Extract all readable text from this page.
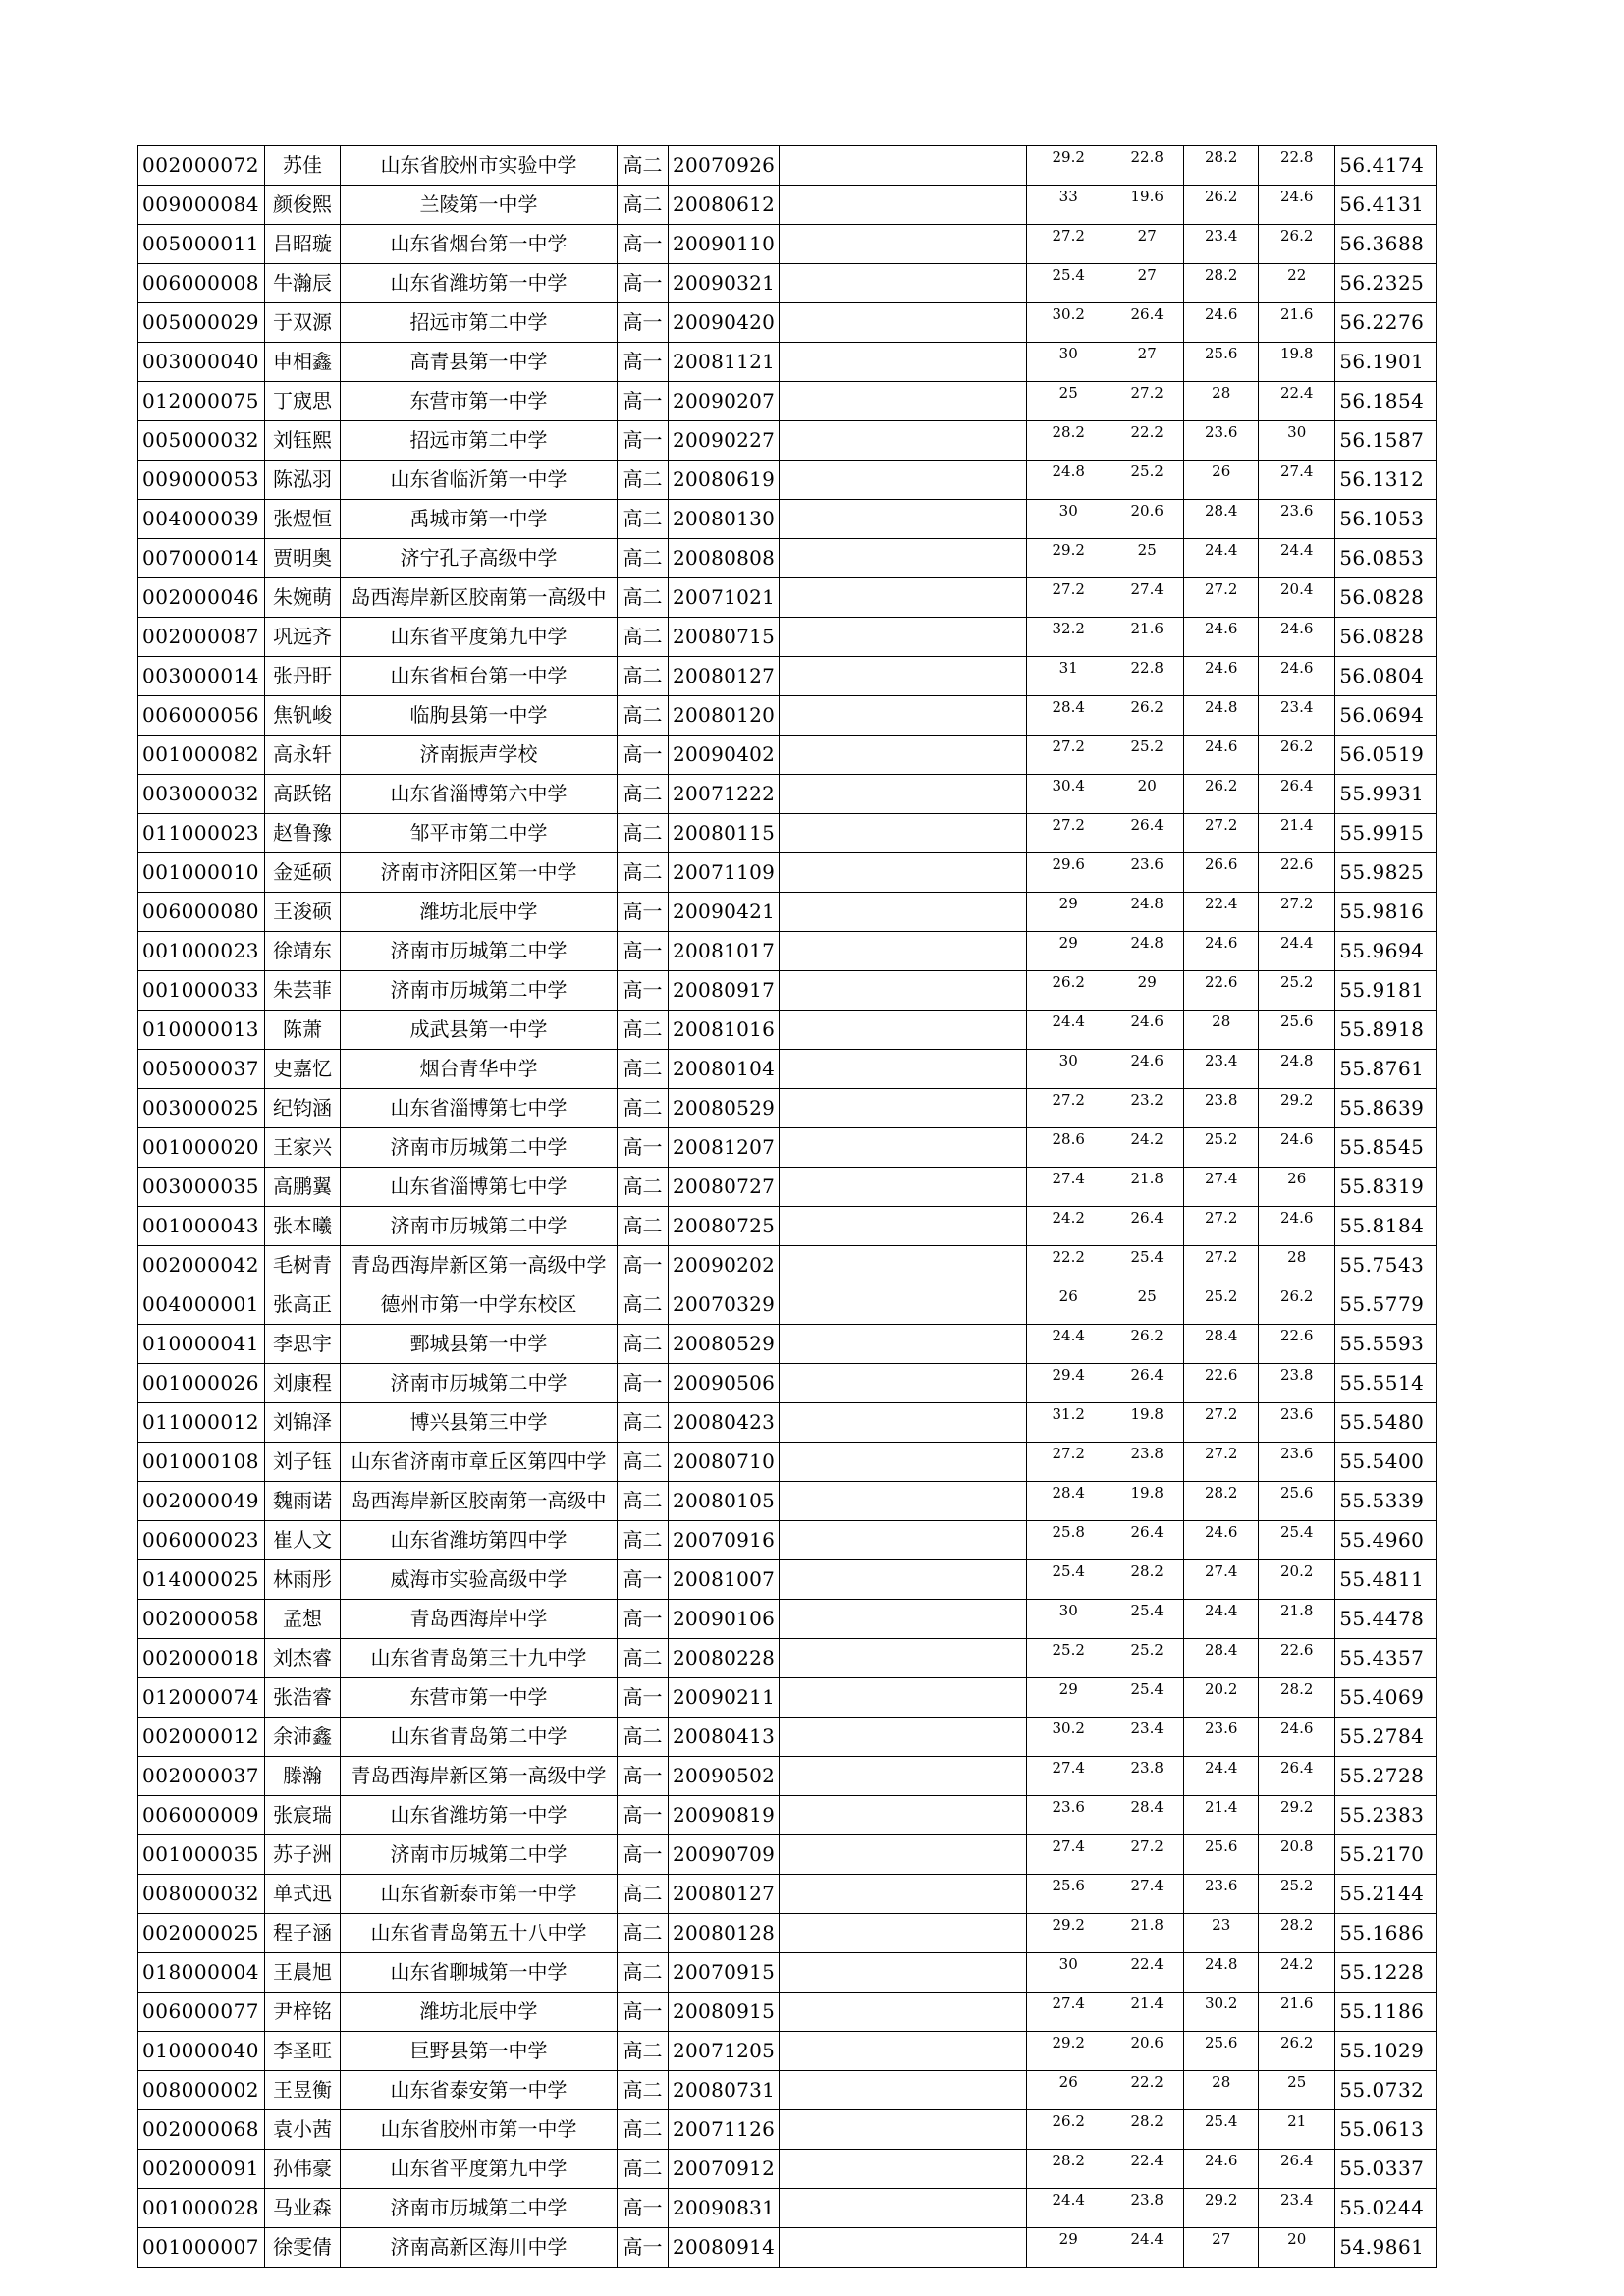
002000072	苏佳	山东省胶州市实验中学	高二	20070926		29.2	22.8	28.2	22.8	56.4174
009000084	颜俊熙	兰陵第一中学	高二	20080612		33	19.6	26.2	24.6	56.4131
005000011	吕昭璇	山东省烟台第一中学	高一	20090110		27.2	27	23.4	26.2	56.3688
006000008	牛瀚辰	山东省潍坊第一中学	高一	20090321		25.4	27	28.2	22	56.2325
005000029	于双源	招远市第二中学	高一	20090420		30.2	26.4	24.6	21.6	56.2276
003000040	申相鑫	高青县第一中学	高一	20081121		30	27	25.6	19.8	56.1901
012000075	丁宬思	东营市第一中学	高一	20090207		25	27.2	28	22.4	56.1854
005000032	刘钰熙	招远市第二中学	高一	20090227		28.2	22.2	23.6	30	56.1587
009000053	陈泓羽	山东省临沂第一中学	高二	20080619		24.8	25.2	26	27.4	56.1312
004000039	张煜恒	禹城市第一中学	高二	20080130		30	20.6	28.4	23.6	56.1053
007000014	贾明奥	济宁孔子高级中学	高二	20080808		29.2	25	24.4	24.4	56.0853
002000046	朱婉萌	岛西海岸新区胶南第一高级中	高二	20071021		27.2	27.4	27.2	20.4	56.0828
002000087	巩远齐	山东省平度第九中学	高二	20080715		32.2	21.6	24.6	24.6	56.0828
003000014	张丹盱	山东省桓台第一中学	高二	20080127		31	22.8	24.6	24.6	56.0804
006000056	焦钒峻	临朐县第一中学	高二	20080120		28.4	26.2	24.8	23.4	56.0694
001000082	高永轩	济南振声学校	高一	20090402		27.2	25.2	24.6	26.2	56.0519
003000032	高跃铭	山东省淄博第六中学	高二	20071222		30.4	20	26.2	26.4	55.9931
011000023	赵鲁豫	邹平市第二中学	高二	20080115		27.2	26.4	27.2	21.4	55.9915
001000010	金延硕	济南市济阳区第一中学	高二	20071109		29.6	23.6	26.6	22.6	55.9825
006000080	王浚硕	潍坊北辰中学	高一	20090421		29	24.8	22.4	27.2	55.9816
001000023	徐靖东	济南市历城第二中学	高一	20081017		29	24.8	24.6	24.4	55.9694
001000033	朱芸菲	济南市历城第二中学	高一	20080917		26.2	29	22.6	25.2	55.9181
010000013	陈萧	成武县第一中学	高二	20081016		24.4	24.6	28	25.6	55.8918
005000037	史嘉忆	烟台青华中学	高二	20080104		30	24.6	23.4	24.8	55.8761
003000025	纪钧涵	山东省淄博第七中学	高二	20080529		27.2	23.2	23.8	29.2	55.8639
001000020	王家兴	济南市历城第二中学	高一	20081207		28.6	24.2	25.2	24.6	55.8545
003000035	高鹏翼	山东省淄博第七中学	高二	20080727		27.4	21.8	27.4	26	55.8319
001000043	张本曦	济南市历城第二中学	高二	20080725		24.2	26.4	27.2	24.6	55.8184
002000042	毛树青	青岛西海岸新区第一高级中学	高一	20090202		22.2	25.4	27.2	28	55.7543
004000001	张高正	德州市第一中学东校区	高二	20070329		26	25	25.2	26.2	55.5779
010000041	李思宇	鄄城县第一中学	高二	20080529		24.4	26.2	28.4	22.6	55.5593
001000026	刘康程	济南市历城第二中学	高一	20090506		29.4	26.4	22.6	23.8	55.5514
011000012	刘锦泽	博兴县第三中学	高二	20080423		31.2	19.8	27.2	23.6	55.5480
001000108	刘子钰	山东省济南市章丘区第四中学	高二	20080710		27.2	23.8	27.2	23.6	55.5400
002000049	魏雨诺	岛西海岸新区胶南第一高级中	高二	20080105		28.4	19.8	28.2	25.6	55.5339
006000023	崔人文	山东省潍坊第四中学	高二	20070916		25.8	26.4	24.6	25.4	55.4960
014000025	林雨彤	威海市实验高级中学	高一	20081007		25.4	28.2	27.4	20.2	55.4811
002000058	孟想	青岛西海岸中学	高一	20090106		30	25.4	24.4	21.8	55.4478
002000018	刘杰睿	山东省青岛第三十九中学	高二	20080228		25.2	25.2	28.4	22.6	55.4357
012000074	张浩睿	东营市第一中学	高一	20090211		29	25.4	20.2	28.2	55.4069
002000012	余沛鑫	山东省青岛第二中学	高二	20080413		30.2	23.4	23.6	24.6	55.2784
002000037	滕瀚	青岛西海岸新区第一高级中学	高一	20090502		27.4	23.8	24.4	26.4	55.2728
006000009	张宸瑞	山东省潍坊第一中学	高一	20090819		23.6	28.4	21.4	29.2	55.2383
001000035	苏子洲	济南市历城第二中学	高一	20090709		27.4	27.2	25.6	20.8	55.2170
008000032	单式迅	山东省新泰市第一中学	高二	20080127		25.6	27.4	23.6	25.2	55.2144
002000025	程子涵	山东省青岛第五十八中学	高二	20080128		29.2	21.8	23	28.2	55.1686
018000004	王晨旭	山东省聊城第一中学	高二	20070915		30	22.4	24.8	24.2	55.1228
006000077	尹梓铭	潍坊北辰中学	高一	20080915		27.4	21.4	30.2	21.6	55.1186
010000040	李圣旺	巨野县第一中学	高二	20071205		29.2	20.6	25.6	26.2	55.1029
008000002	王昱衡	山东省泰安第一中学	高二	20080731		26	22.2	28	25	55.0732
002000068	袁小茜	山东省胶州市第一中学	高二	20071126		26.2	28.2	25.4	21	55.0613
002000091	孙伟豪	山东省平度第九中学	高二	20070912		28.2	22.4	24.6	26.4	55.0337
001000028	马业森	济南市历城第二中学	高一	20090831		24.4	23.8	29.2	23.4	55.0244
001000007	徐雯倩	济南高新区海川中学	高一	20080914		29	24.4	27	20	54.9861
